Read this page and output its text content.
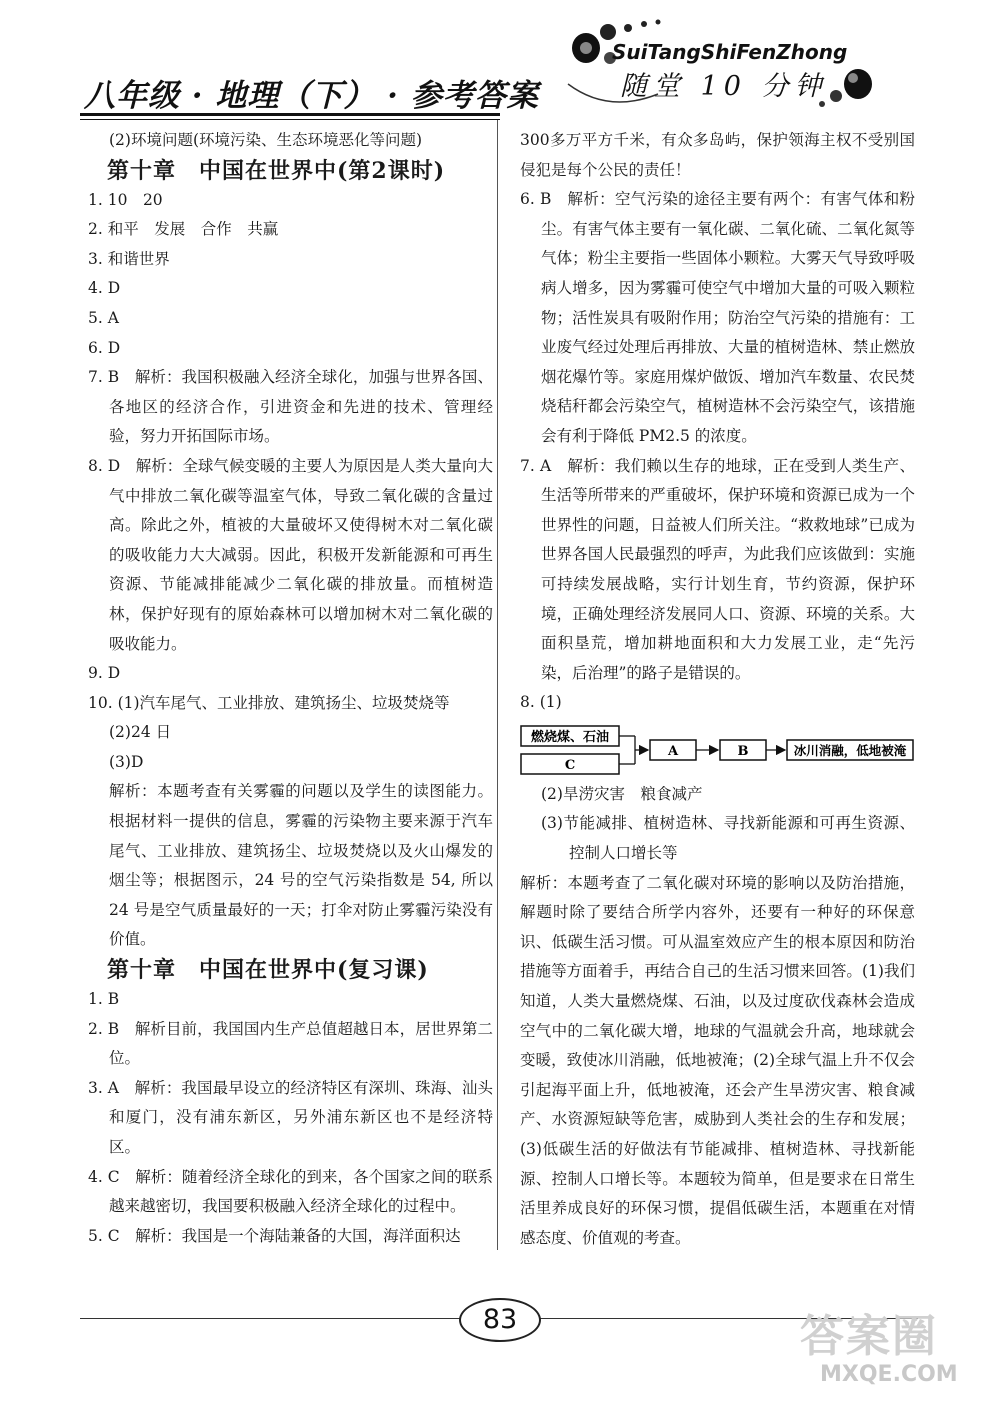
八年级 · 地理（下） · 参考答案
SuiTangShiFenZhong
随堂 10 分钟

(2)环境问题(环境污染、生态环境恶化等问题)

第十章　中国在世界中(第2课时)

1. 10　20

2. 和平　发展　合作　共赢

3. 和谐世界

4. D

5. A

6. D

7. B　解析：我国积极融入经济全球化，加强与世界各国、各地区的经济合作，引进资金和先进的技术、管理经验，努力开拓国际市场。

8. D　解析：全球气候变暖的主要人为原因是人类大量向大气中排放二氧化碳等温室气体，导致二氧化碳的含量过高。除此之外，植被的大量破坏又使得树木对二氧化碳的吸收能力大大减弱。因此，积极开发新能源和可再生资源、节能减排能减少二氧化碳的排放量。而植树造林，保护好现有的原始森林可以增加树木对二氧化碳的吸收能力。

9. D

10. (1)汽车尾气、工业排放、建筑扬尘、垃圾焚烧等

(2)24 日

(3)D

解析：本题考查有关雾霾的问题以及学生的读图能力。根据材料一提供的信息，雾霾的污染物主要来源于汽车尾气、工业排放、建筑扬尘、垃圾焚烧以及火山爆发的烟尘等；根据图示，24 号的空气污染指数是 54, 所以 24 号是空气质量最好的一天；打伞对防止雾霾污染没有价值。

第十章　中国在世界中(复习课)

1. B

2. B　解析目前，我国国内生产总值超越日本，居世界第二位。

3. A　解析：我国最早设立的经济特区有深圳、珠海、汕头和厦门，没有浦东新区，另外浦东新区也不是经济特区。

4. C　解析：随着经济全球化的到来，各个国家之间的联系越来越密切，我国要积极融入经济全球化的过程中。

5. C　解析：我国是一个海陆兼备的大国，海洋面积达

300多万平方千米，有众多岛屿，保护领海主权不受别国侵犯是每个公民的责任！

6. B　解析：空气污染的途径主要有两个：有害气体和粉尘。有害气体主要有一氧化碳、二氧化硫、二氧化氮等气体；粉尘主要指一些固体小颗粒。大雾天气导致呼吸病人增多，因为雾霾可使空气中增加大量的可吸入颗粒物；活性炭具有吸附作用；防治空气污染的措施有：工业废气经过处理后再排放、大量的植树造林、禁止燃放烟花爆竹等。家庭用煤炉做饭、增加汽车数量、农民焚烧秸秆都会污染空气，植树造林不会污染空气，该措施会有利于降低 PM2.5 的浓度。

7. A　解析：我们赖以生存的地球，正在受到人类生产、生活等所带来的严重破坏，保护环境和资源已成为一个世界性的问题，日益被人们所关注。“救救地球”已成为世界各国人民最强烈的呼声，为此我们应该做到：实施可持续发展战略，实行计划生育，节约资源，保护环境，正确处理经济发展同人口、资源、环境的关系。大面积垦荒，增加耕地面积和大力发展工业，走“先污染，后治理”的路子是错误的。

8. (1)

燃烧煤、石油
C
A	B	冰川消融，低地被淹

(2)旱涝灾害　粮食减产

(3)节能减排、植树造林、寻找新能源和可再生资源、控制人口增长等

解析：本题考查了二氧化碳对环境的影响以及防治措施，解题时除了要结合所学内容外，还要有一种好的环保意识、低碳生活习惯。可从温室效应产生的根本原因和防治措施等方面着手，再结合自己的生活习惯来回答。(1)我们知道，人类大量燃烧煤、石油，以及过度砍伐森林会造成空气中的二氧化碳大增，地球的气温就会升高，地球就会变暖，致使冰川消融，低地被淹；(2)全球气温上升不仅会引起海平面上升，低地被淹，还会产生旱涝灾害、粮食减产、水资源短缺等危害，威胁到人类社会的生存和发展；(3)低碳生活的好做法有节能减排、植树造林、寻找新能源、控制人口增长等。本题较为简单，但是要求在日常生活里养成良好的环保习惯，提倡低碳生活，本题重在对情感态度、价值观的考查。

83	答案圈
MXQE.COM
